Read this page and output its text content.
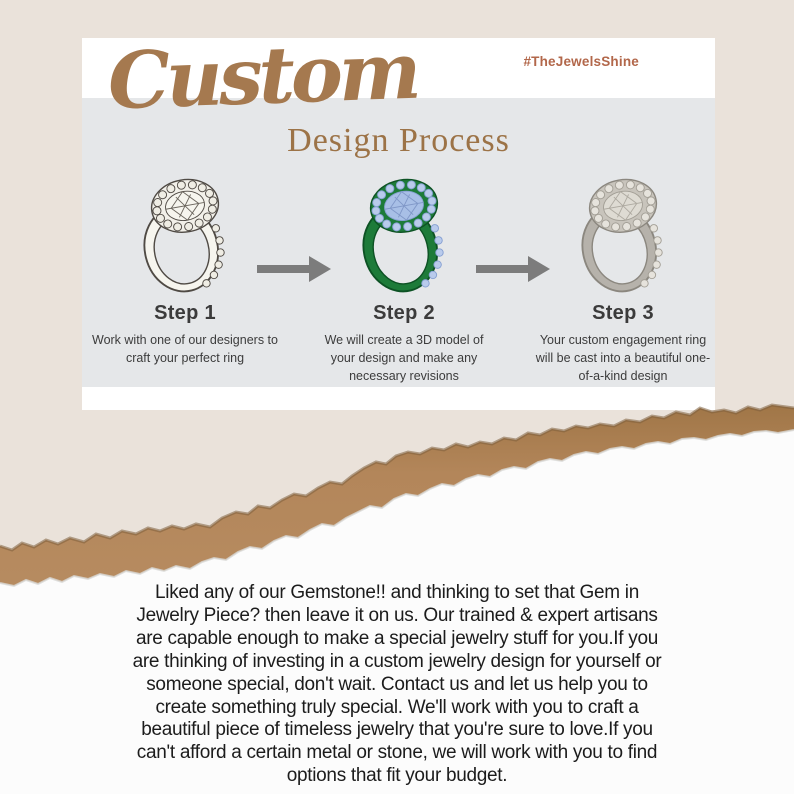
Custom	#TheJewelsShine
Design Process
Step 1
Work with one of our designers to craft your perfect ring
Step 2
We will create a 3D model of your design and make any necessary revisions
Step 3
Your custom engagement ring will be cast into a beautiful one-of-a-kind design
Liked any of our Gemstone!! and thinking to set that Gem in
Jewelry Piece? then leave it on us. Our trained & expert artisans
are capable enough to make a special jewelry stuff for you.If you
are thinking of investing in a custom jewelry design for yourself or
someone special, don't wait. Contact us and let us help you to
create something truly special. We'll work with you to craft a
beautiful piece of timeless jewelry that you're sure to love.If you
can't afford a certain metal or stone, we will work with you to find
options that fit your budget.
